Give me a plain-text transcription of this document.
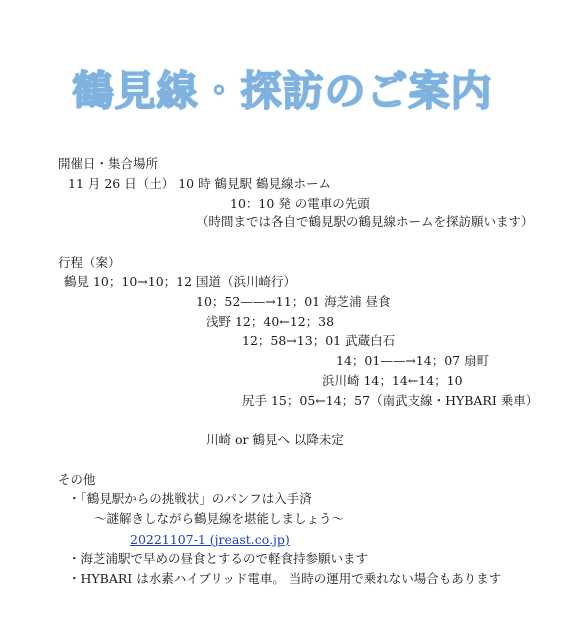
鶴見線・探訪のご案内
開催日・集合場所
11 月 26 日（土） 10 時 鶴見駅 鶴見線ホーム
10：10 発 の電車の先頭
（時間までは各自で鶴見駅の鶴見線ホームを探訪願います）
行程（案）
鶴見 10；10→10；12 国道（浜川崎行）
10；52——→11；01 海芝浦 昼食
浅野 12；40←12；38
12；58→13；01 武蔵白石
14；01——→14；07 扇町
浜川崎 14；14←14；10
尻手 15；05←14；57（南武支線・HYBARI 乗車）
川崎 or 鶴見へ 以降未定
その他
・「鶴見駅からの挑戦状」のパンフは入手済
〜謎解きしながら鶴見線を堪能しましょう〜
20221107-1 (jreast.co.jp)
・海芝浦駅で早めの昼食とするので軽食持参願います
・HYBARI は水素ハイブリッド電車。 当時の運用で乗れない場合もあります
